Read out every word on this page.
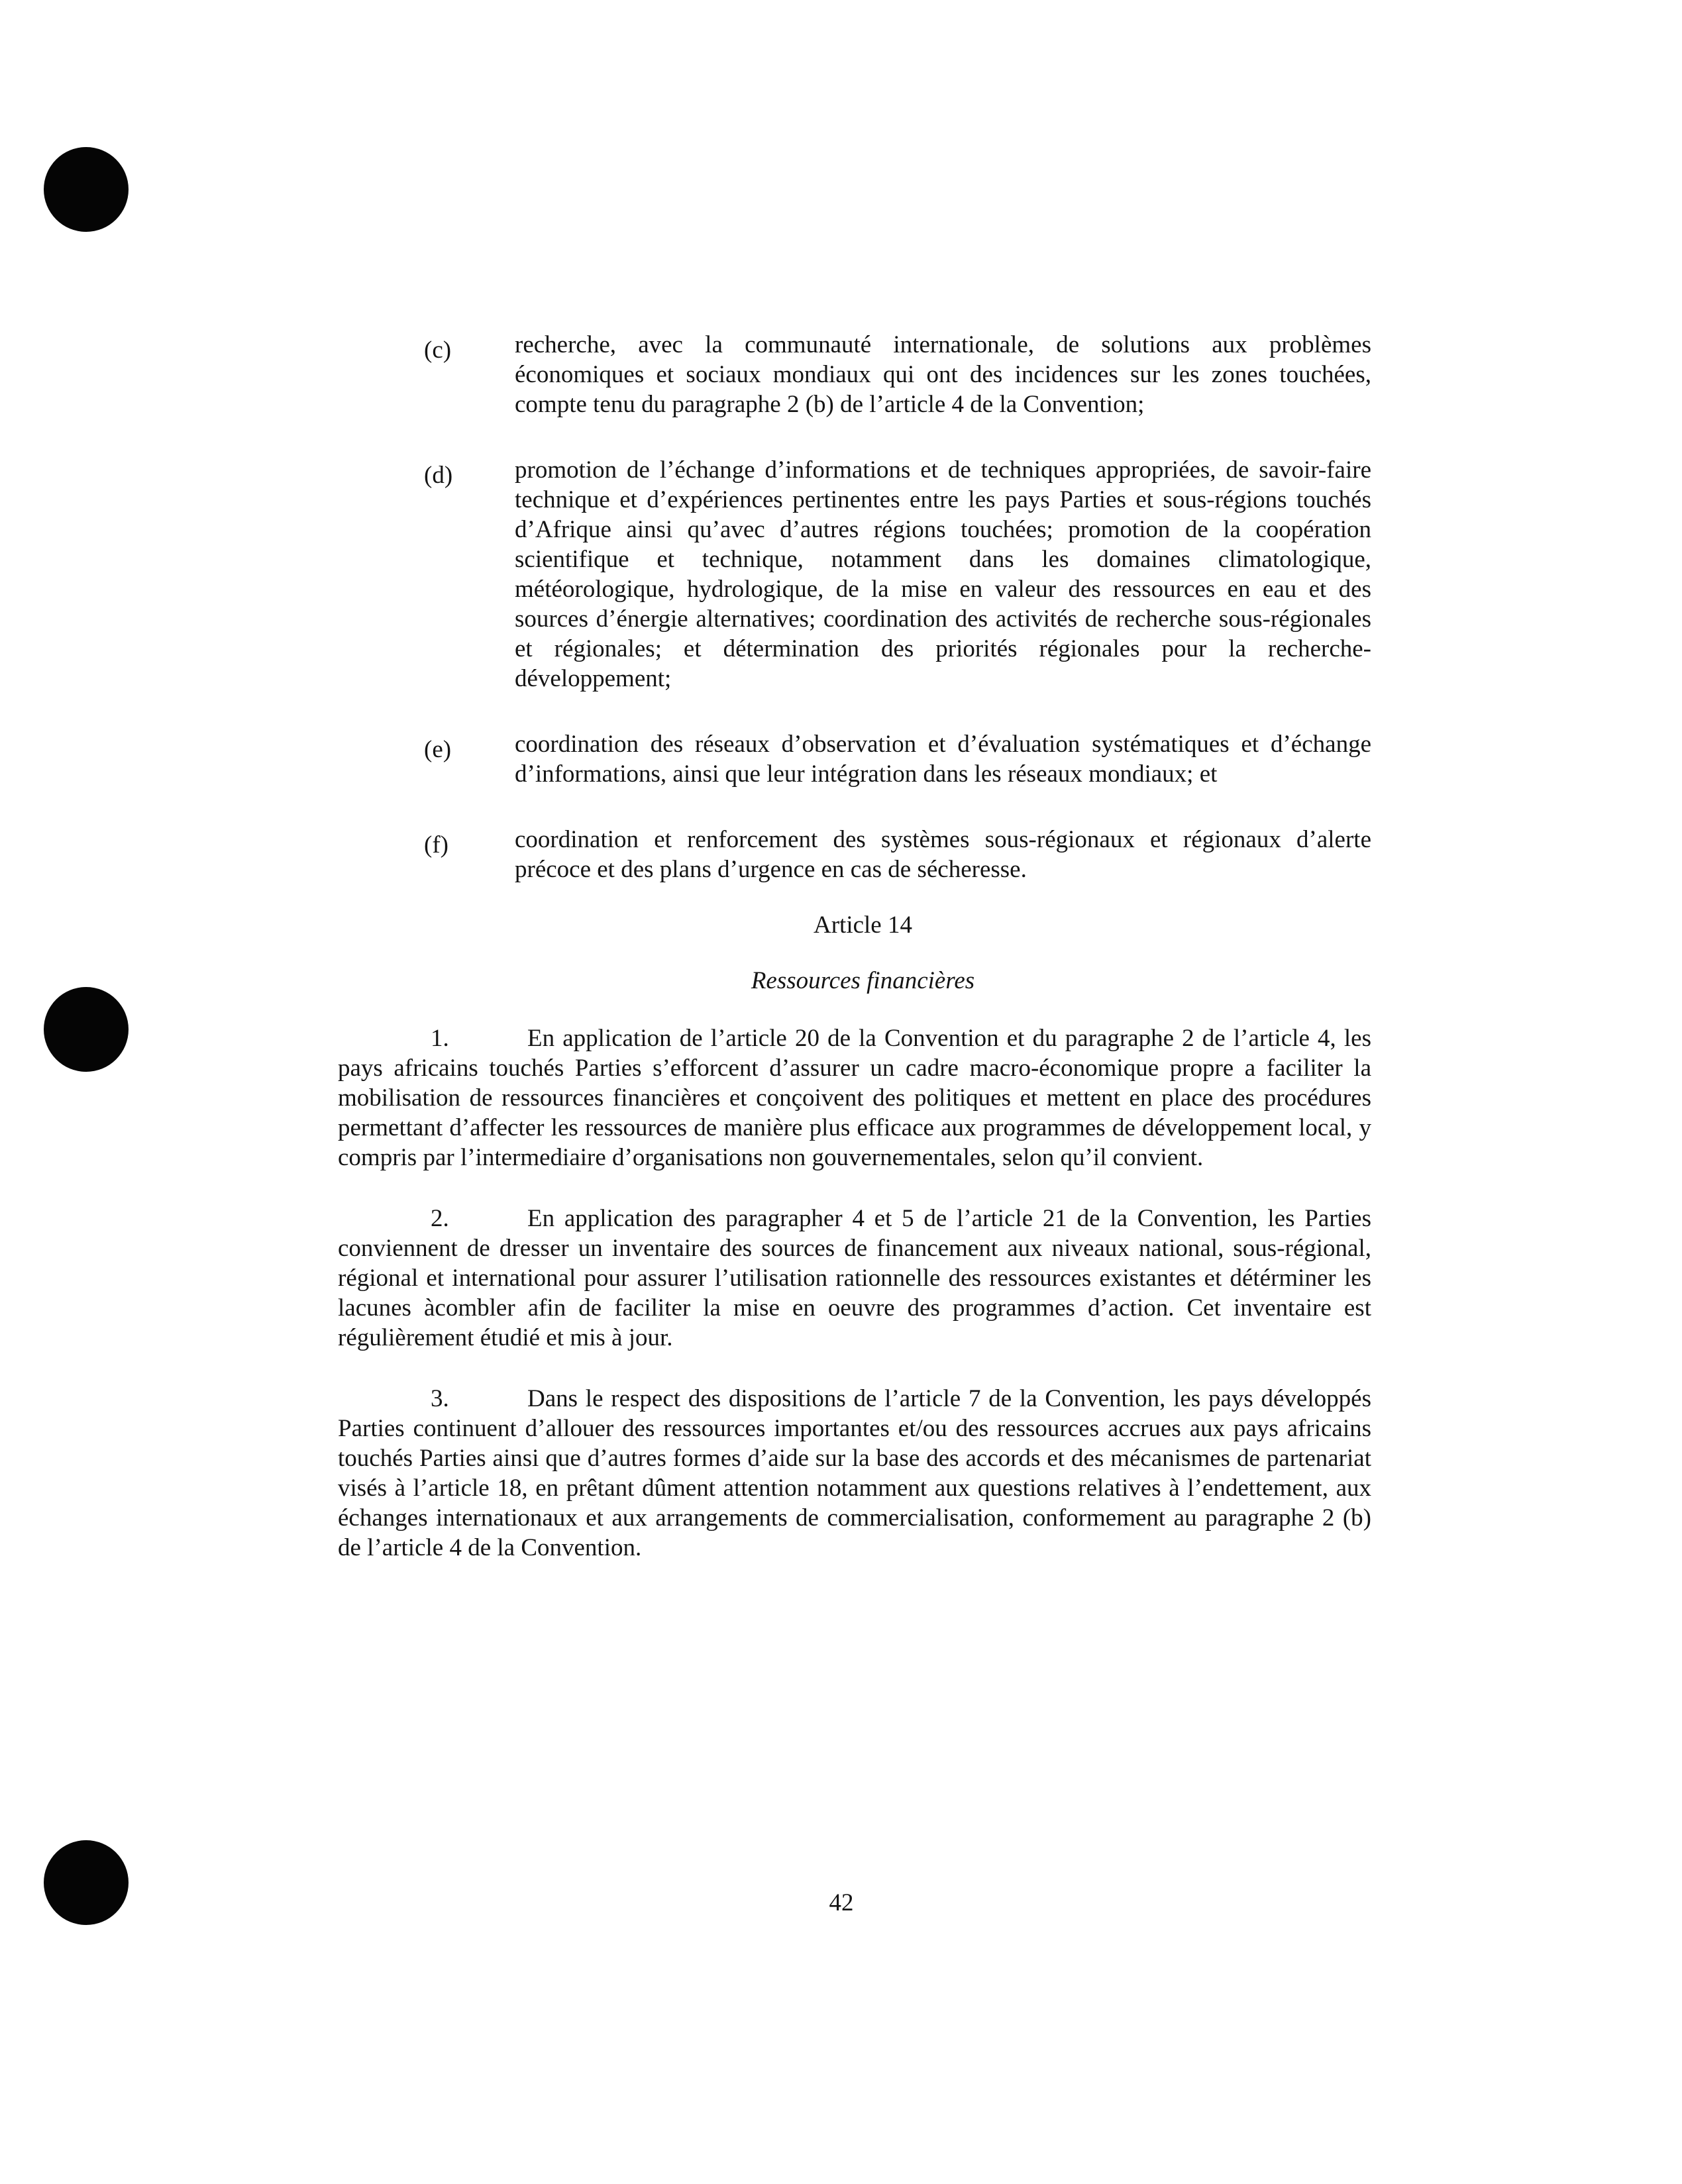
(c)	recherche, avec la communauté internationale, de solutions aux problèmes économiques et sociaux mondiaux qui ont des incidences sur les zones touchées, compte tenu du paragraphe 2 (b) de l’article 4 de la Convention;
(d)	promotion de l’échange d’informations et de techniques appropriées, de savoir-faire technique et d’expériences pertinentes entre les pays Parties et sous-régions touchés d’Afrique ainsi qu’avec d’autres régions touchées; promotion de la coopération scientifique et technique, notamment dans les domaines climatologique, météorologique, hydrologique, de la mise en valeur des ressources en eau et des sources d’énergie alternatives; coordination des activités de recherche sous-régionales et régionales; et détermination des priorités régionales pour la recherche-développement;
(e)	coordination des réseaux d’observation et d’évaluation systématiques et d’échange d’informations, ainsi que leur intégration dans les réseaux mondiaux; et
(f)	coordination et renforcement des systèmes sous-régionaux et régionaux d’alerte précoce et des plans d’urgence en cas de sécheresse.
Article 14
Ressources financières

1.	En application de l’article 20 de la Convention et du paragraphe 2 de l’article 4, les pays africains touchés Parties s’efforcent d’assurer un cadre macro-économique propre a faciliter la mobilisation de ressources financières et conçoivent des politiques et mettent en place des procédures permettant d’affecter les ressources de manière plus efficace aux programmes de développement local, y compris par l’intermediaire d’organisations non gouvernementales, selon qu’il convient.

2.	En application des paragrapher 4 et 5 de l’article 21 de la Convention, les Parties conviennent de dresser un inventaire des sources de financement aux niveaux national, sous-régional, régional et international pour assurer l’utilisation rationnelle des ressources existantes et détérminer les lacunes àcombler afin de faciliter la mise en oeuvre des programmes d’action. Cet inventaire est régulièrement étudié et mis à jour.

3.	Dans le respect des dispositions de l’article 7 de la Convention, les pays développés Parties continuent d’allouer des ressources importantes et/ou des ressources accrues aux pays africains touchés Parties ainsi que d’autres formes d’aide sur la base des accords et des mécanismes de partenariat visés à l’article 18, en prêtant dûment attention notamment aux questions relatives à l’endettement, aux échanges internationaux et aux arrangements de commercialisation, conformement au paragraphe 2 (b) de l’article 4 de la Convention.

42
